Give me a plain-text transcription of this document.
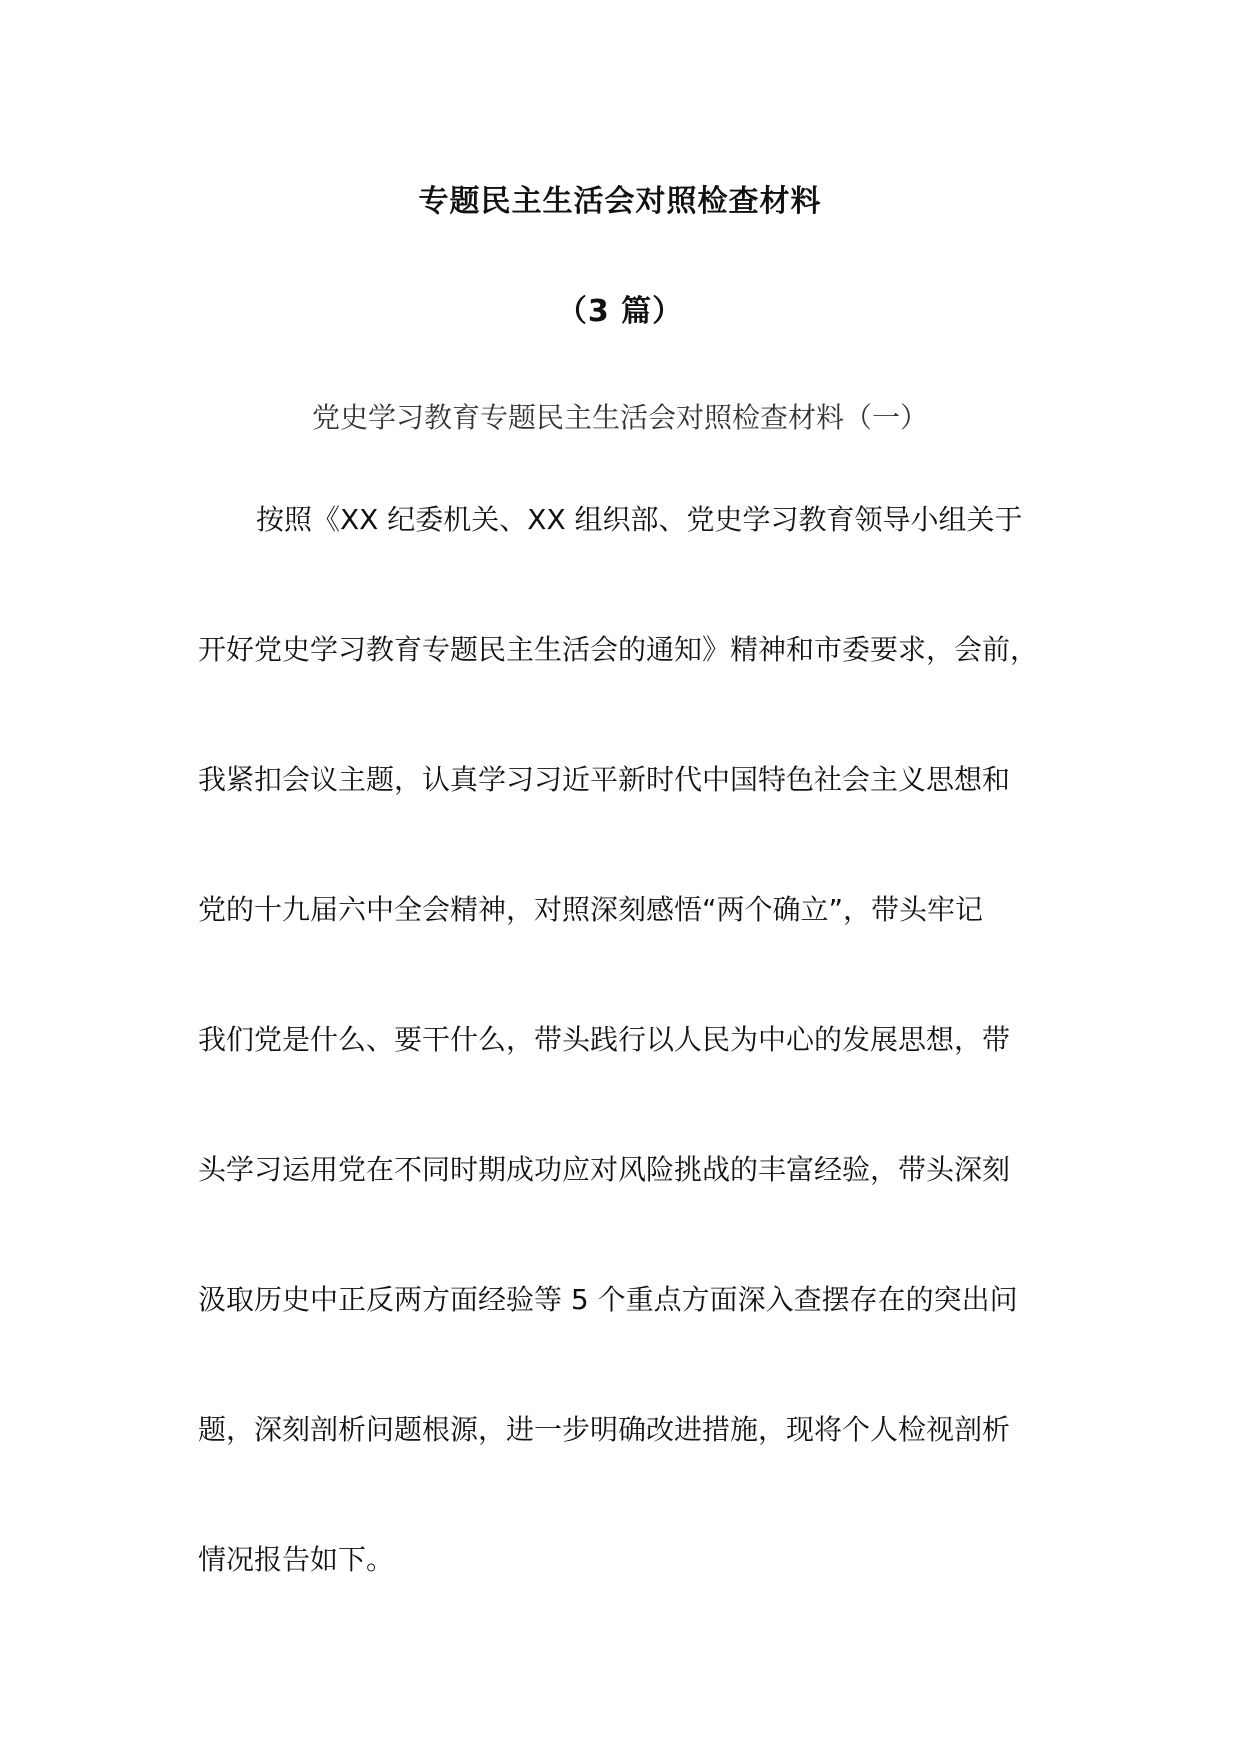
专题民主生活会对照检查材料
（3 篇）
党史学习教育专题民主生活会对照检查材料（一）
按照《XX 纪委机关、XX 组织部、党史学习教育领导小组关于
开好党史学习教育专题民主生活会的通知》精神和市委要求，会前，
我紧扣会议主题，认真学习习近平新时代中国特色社会主义思想和
党的十九届六中全会精神，对照深刻感悟“两个确立”，带头牢记
我们党是什么、要干什么，带头践行以人民为中心的发展思想，带
头学习运用党在不同时期成功应对风险挑战的丰富经验，带头深刻
汲取历史中正反两方面经验等 5 个重点方面深入查摆存在的突出问
题，深刻剖析问题根源，进一步明确改进措施，现将个人检视剖析
情况报告如下。
